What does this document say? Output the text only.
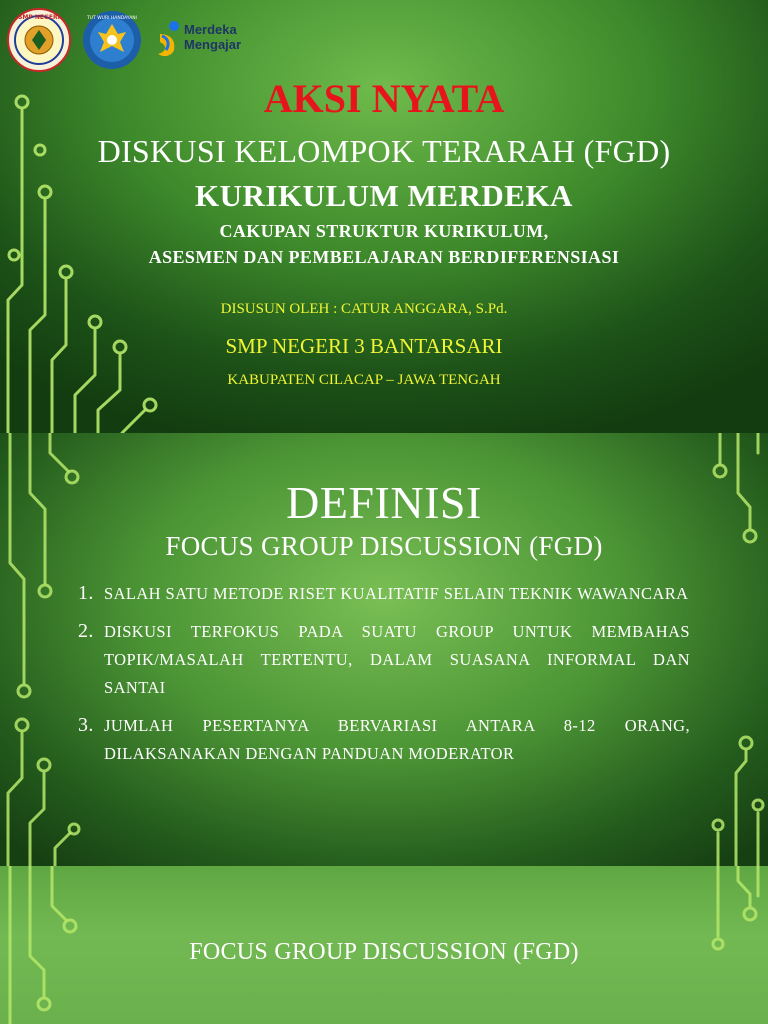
SMP NEGERI	TUT WURI HANDAYANI
Merdeka
Mengajar
AKSI NYATA
DISKUSI KELOMPOK TERARAH (FGD)
KURIKULUM MERDEKA
CAKUPAN STRUKTUR KURIKULUM,
ASESMEN DAN PEMBELAJARAN BERDIFERENSIASI
DISUSUN OLEH : CATUR ANGGARA, S.Pd.
SMP NEGERI 3 BANTARSARI
KABUPATEN CILACAP – JAWA TENGAH
DEFINISI
FOCUS GROUP DISCUSSION (FGD)
1. SALAH SATU METODE RISET KUALITATIF SELAIN TEKNIK WAWANCARA
2. DISKUSI TERFOKUS PADA SUATU GROUP UNTUK MEMBAHAS TOPIK/MASALAH TERTENTU, DALAM SUASANA INFORMAL DAN SANTAI
3. JUMLAH PESERTANYA BERVARIASI ANTARA 8-12 ORANG, DILAKSANAKAN DENGAN PANDUAN MODERATOR
FOCUS GROUP DISCUSSION (FGD)
